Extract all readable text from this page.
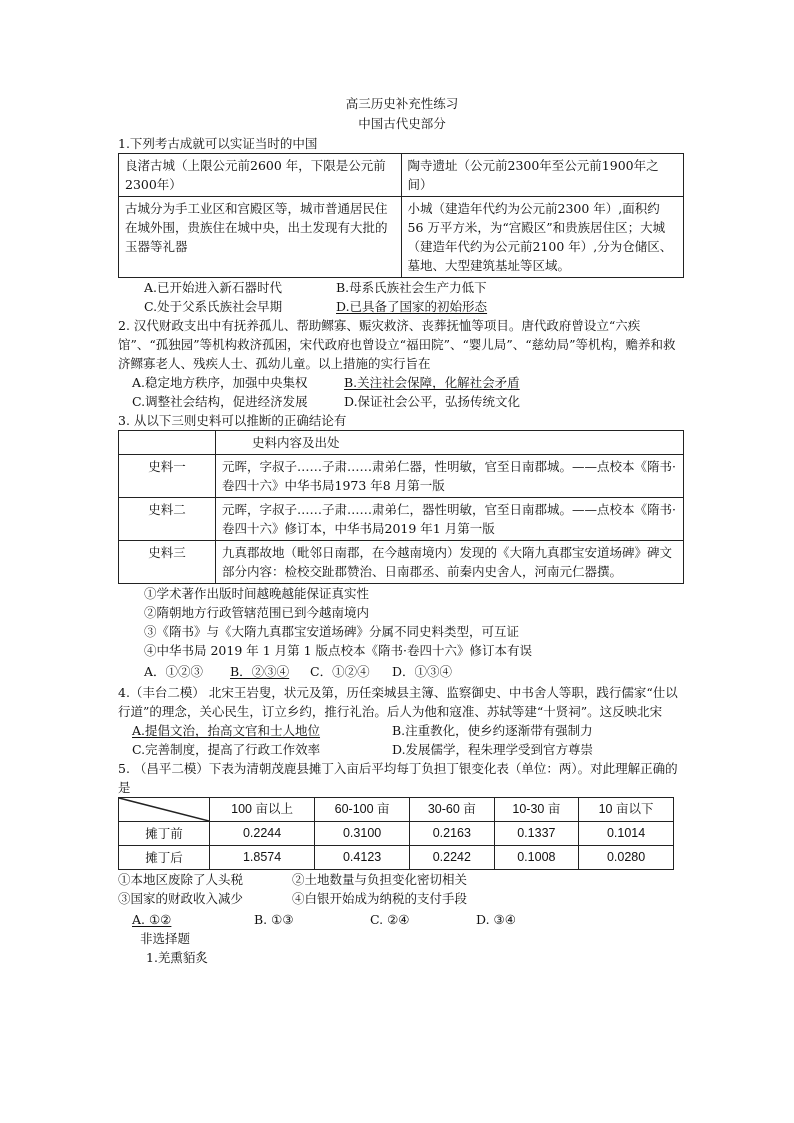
高三历史补充性练习
中国古代史部分

1.下列考古成就可以实证当时的中国

良渚古城（上限公元前2600 年，下限是公元前2300年）	陶寺遗址（公元前2300年至公元前1900年之间）
古城分为手工业区和宫殿区等，城市普通居民住在城外围，贵族住在城中央，出土发现有大批的玉器等礼器	小城（建造年代约为公元前2300 年）,面积约 56 万平方米，为“宫殿区”和贵族居住区；大城（建造年代约为公元前2100 年）,分为仓储区、墓地、大型建筑基址等区域。
A.已开始进入新石器时代	B.母系氏族社会生产力低下
C.处于父系氏族社会早期	D.已具备了国家的初始形态

2. 汉代财政支出中有抚养孤儿、帮助鳏寡、赈灾救济、丧葬抚恤等项目。唐代政府曾设立“六疾馆”、“孤独园”等机构救济孤困，宋代政府也曾设立“福田院”、“婴儿局”、“慈幼局”等机构，赡养和救济鳏寡老人、残疾人士、孤幼儿童。以上措施的实行旨在

A.稳定地方秩序，加强中央集权	B.关注社会保障，化解社会矛盾
C.调整社会结构，促进经济发展	D.保证社会公平，弘扬传统文化

3. 从以下三则史料可以推断的正确结论有

	史料内容及出处
史料一	元晖，字叔子……子肃……肃弟仁器，性明敏，官至日南郡城。——点校本《隋书·卷四十六》中华书局1973 年8 月第一版
史料二	元晖，字叔子……子肃……肃弟仁，器性明敏，官至日南郡城。——点校本《隋书·卷四十六》修订本，中华书局2019 年1 月第一版
史料三	九真郡故地（毗邻日南郡，在今越南境内）发现的《大隋九真郡宝安道场碑》碑文部分内容：检校交趾郡赞治、日南郡丞、前秦内史舍人，河南元仁器撰。

①学术著作出版时间越晚越能保证真实性

②隋朝地方行政管辖范围已到今越南境内

③《隋书》与《大隋九真郡宝安道场碑》分属不同史料类型，可互证

④中华书局 2019 年 1 月第 1 版点校本《隋书·卷四十六》修订本有误

A．①②③	B．②③④	C．①②④	D．①③④

4.（丰台二模） 北宋王岩叟，状元及第，历任栾城县主簿、监察御史、中书舍人等职，践行儒家“仕以行道”的理念，关心民生，订立乡约，推行礼治。后人为他和寇准、苏轼等建“十贤祠”。这反映北宋

A.提倡文治，抬高文官和士人地位	B.注重教化，使乡约逐渐带有强制力
C.完善制度，提高了行政工作效率	D.发展儒学，程朱理学受到官方尊崇

5. （昌平二模）下表为清朝茂鹿县摊丁入亩后平均每丁负担丁银变化表（单位：两）。对此理解正确的是

	100 亩以上	60-100 亩	30-60 亩	10-30 亩	10 亩以下
摊丁前	0.2244	0.3100	0.2163	0.1337	0.1014
摊丁后	1.8574	0.4123	0.2242	0.1008	0.0280
①本地区废除了人头税	②土地数量与负担变化密切相关
③国家的财政收入减少	④白银开始成为纳税的支付手段
A. ①②	B. ①③	C. ②④	D. ③④

非选择题

1.羌熏貊炙
